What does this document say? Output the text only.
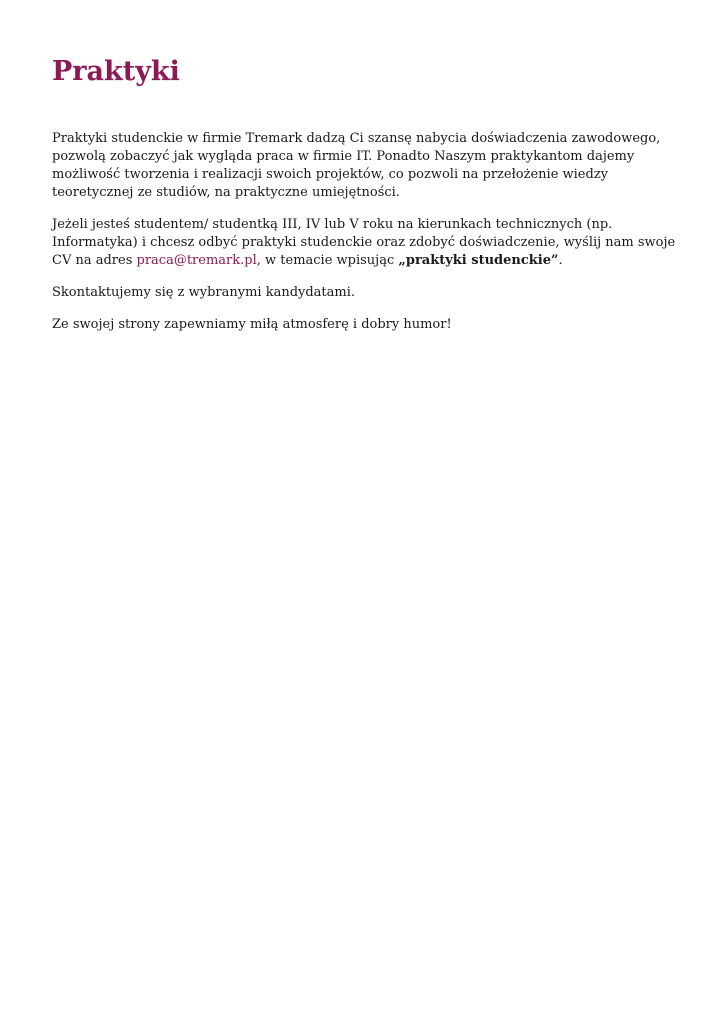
Praktyki

Praktyki studenckie w firmie Tremark dadzą Ci szansę nabycia doświadczenia zawodowego, pozwolą zobaczyć jak wygląda praca w firmie IT. Ponadto Naszym praktykantom dajemy możliwość tworzenia i realizacji swoich projektów, co pozwoli na przełożenie wiedzy teoretycznej ze studiów, na praktyczne umiejętności.

Jeżeli jesteś studentem/ studentką III, IV lub V roku na kierunkach technicznych (np. Informatyka) i chcesz odbyć praktyki studenckie oraz zdobyć doświadczenie, wyślij nam swoje CV na adres praca@tremark.pl, w temacie wpisując „praktyki studenckie”.

Skontaktujemy się z wybranymi kandydatami.

Ze swojej strony zapewniamy miłą atmosferę i dobry humor!
